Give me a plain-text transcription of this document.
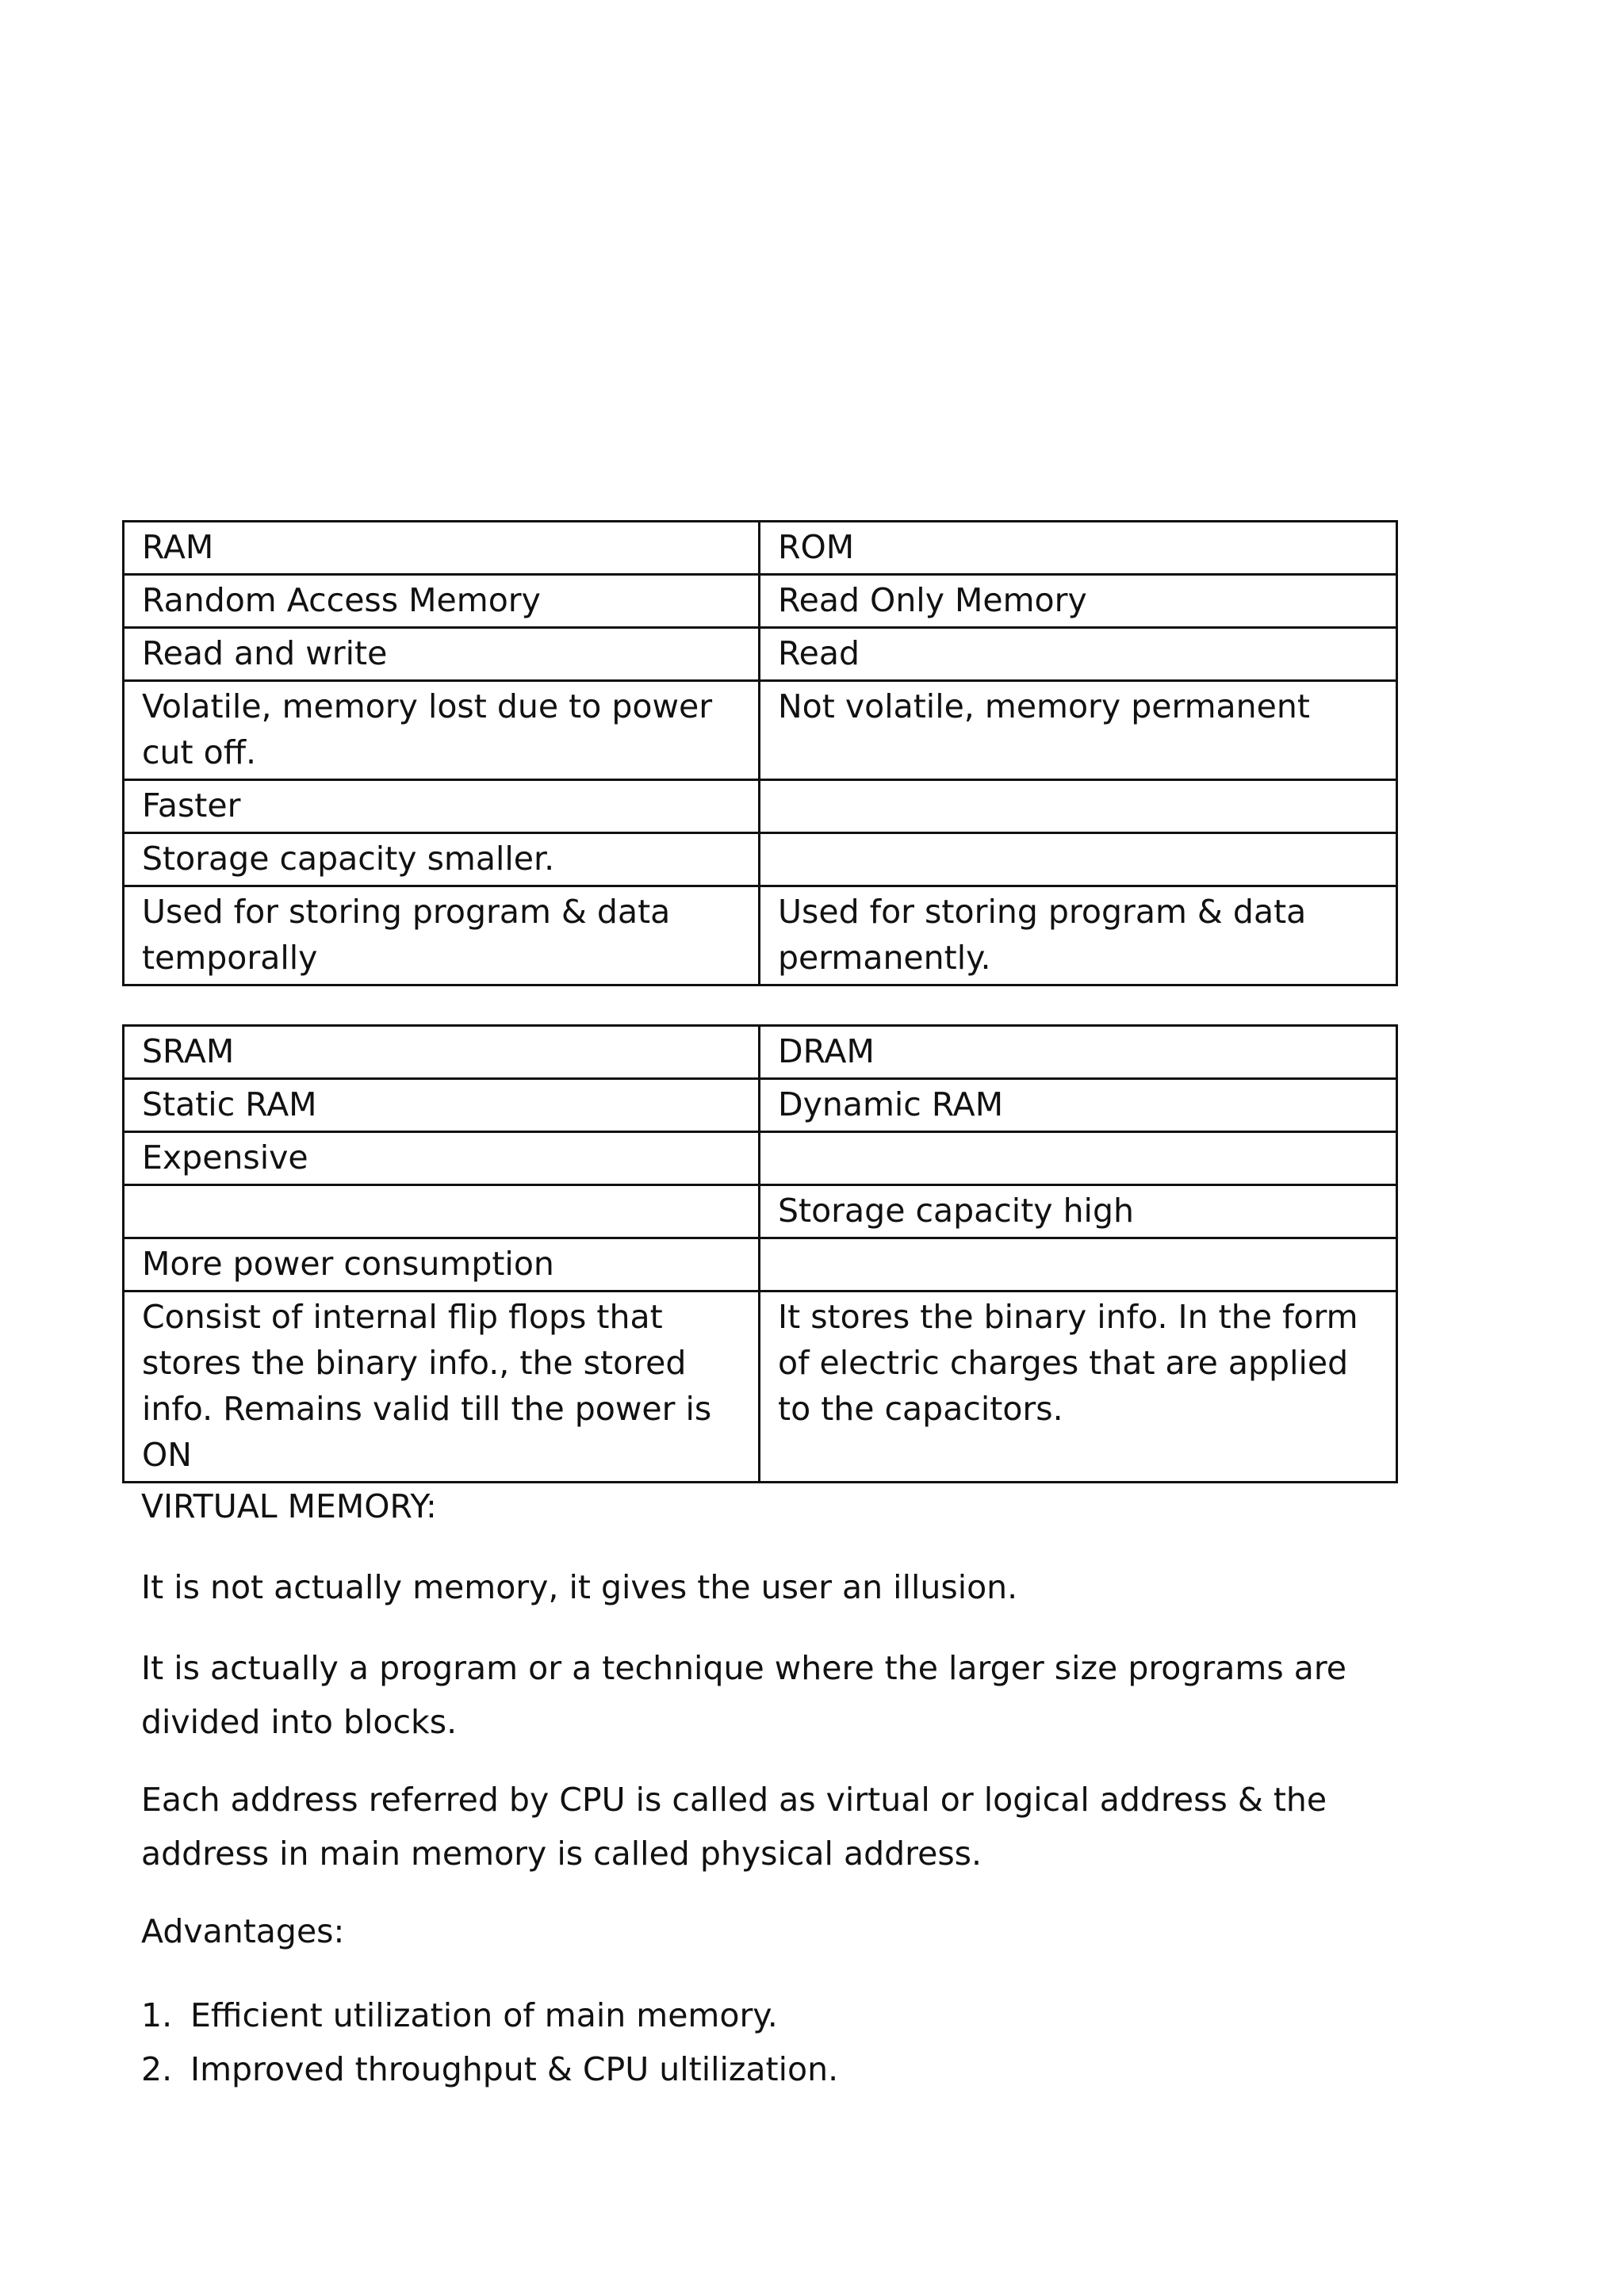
RAM	ROM
Random Access Memory	Read Only Memory
Read and write	Read
Volatile, memory lost due to power cut off.	Not volatile, memory permanent
Faster	
Storage capacity smaller.	
Used for storing program & data temporally	Used for storing program & data permanently.
SRAM	DRAM
Static RAM	Dynamic RAM
Expensive	
	Storage capacity high
More power consumption	
Consist of internal flip flops that stores the binary info., the stored info. Remains valid till the power is ON	It stores the binary info. In the form of electric charges that are applied to the capacitors.
VIRTUAL MEMORY:
It is not actually memory, it gives the user an illusion.
It is actually a program or a technique where the larger size programs are divided into blocks.
Each address referred by CPU is called as virtual or logical address & the address in main memory is called physical address.
Advantages:
1. Efficient utilization of main memory.
2. Improved throughput & CPU ultilization.
